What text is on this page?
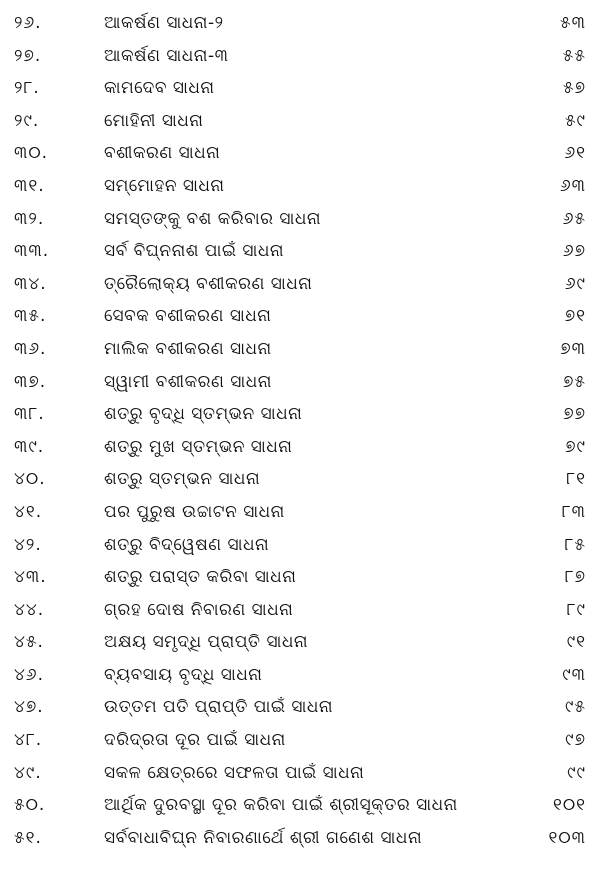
୨୬.	ଆକର୍ଷଣ ସାଧନା-୨	୫୩
୨୭.	ଆକର୍ଷଣ ସାଧନା-୩	୫୫
୨୮.	କାମଦେବ ସାଧନା	୫୭
୨୯.	ମୋହିନୀ ସାଧନା	୫୯
୩୦.	ବଶୀକରଣ ସାଧନା	୬୧
୩୧.	ସମ୍ମୋହନ ସାଧନା	୬୩
୩୨.	ସମସ୍ତଙ୍କୁ ବଶ କରିବାର ସାଧନା	୬୫
୩୩.	ସର୍ବ ବିଘ୍ନନାଶ ପାଇଁ ସାଧନା	୬୭
୩୪.	ତ୍ରୈଲୋକ୍ୟ ବଶୀକରଣ ସାଧନା	୬୯
୩୫.	ସେବକ ବଶୀକରଣ ସାଧନା	୭୧
୩୬.	ମାଲିକ ବଶୀକରଣ ସାଧନା	୭୩
୩୭.	ସ୍ୱାମୀ ବଶୀକରଣ ସାଧନା	୭୫
୩୮.	ଶତ୍ରୁ ବୃଦ୍ଧି ସ୍ତମ୍ଭନ ସାଧନା	୭୭
୩୯.	ଶତ୍ରୁ ମୁଖ ସ୍ତମ୍ଭନ ସାଧନା	୭୯
୪୦.	ଶତ୍ରୁ ସ୍ତମ୍ଭନ ସାଧନା	୮୧
୪୧.	ପର ପୁରୁଷ ଉଚ୍ଚାଟନ ସାଧନା	୮୩
୪୨.	ଶତ୍ରୁ ବିଦ୍ୱେଷଣ ସାଧନା	୮୫
୪୩.	ଶତ୍ରୁ ପରାସ୍ତ କରିବା ସାଧନା	୮୭
୪୪.	ଗ୍ରହ ଦୋଷ ନିବାରଣ ସାଧନା	୮୯
୪୫.	ଅକ୍ଷୟ ସମୃଦ୍ଧି ପ୍ରାପ୍ତି ସାଧନା	୯୧
୪୬.	ବ୍ୟବସାୟ ବୃଦ୍ଧି ସାଧନା	୯୩
୪୭.	ଉତ୍ତମ ପତି ପ୍ରାପ୍ତି ପାଇଁ ସାଧନା	୯୫
୪୮.	ଦରିଦ୍ରତା ଦୂର ପାଇଁ ସାଧନା	୯୭
୪୯.	ସକଳ କ୍ଷେତ୍ରରେ ସଫଳତା ପାଇଁ ସାଧନା	୯୯
୫୦.	ଆର୍ଥିକ ଦୁରବସ୍ଥା ଦୂର କରିବା ପାଇଁ ଶ୍ରୀସୂକ୍ତର ସାଧନା	୧୦୧
୫୧.	ସର୍ବବାଧାବିଘ୍ନ ନିବାରଣାର୍ଥେ ଶ୍ରୀ ଗଣେଶ ସାଧନା	୧୦୩
